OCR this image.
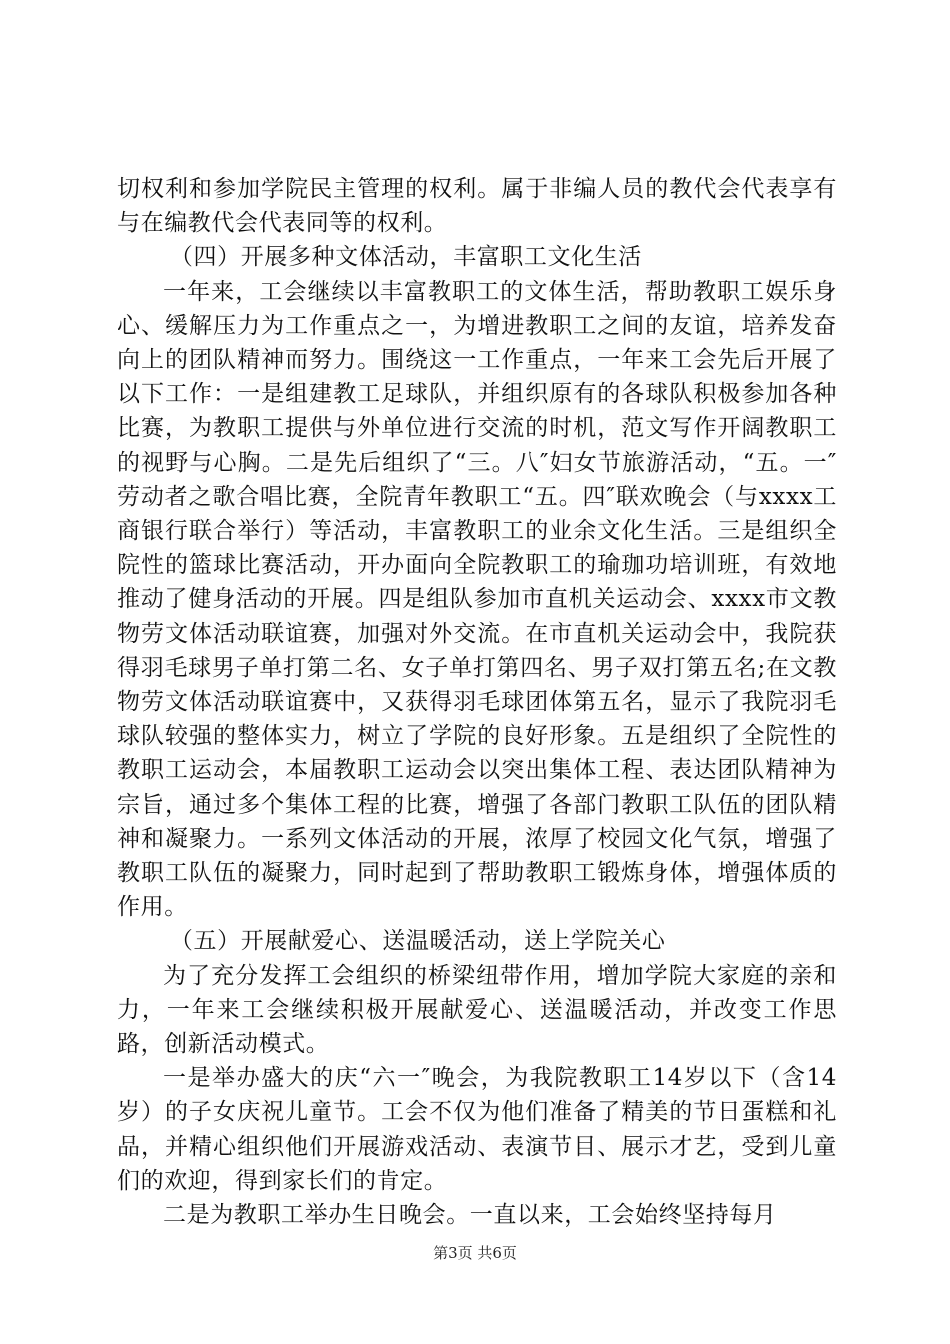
切权利和参加学院民主管理的权利。属于非编人员的教代会代表享有与在编教代会代表同等的权利。

（四）开展多种文体活动，丰富职工文化生活

一年来，工会继续以丰富教职工的文体生活，帮助教职工娱乐身心、缓解压力为工作重点之一，为增进教职工之间的友谊，培养发奋向上的团队精神而努力。围绕这一工作重点，一年来工会先后开展了以下工作：一是组建教工足球队，并组织原有的各球队积极参加各种比赛，为教职工提供与外单位进行交流的时机，范文写作开阔教职工的视野与心胸。二是先后组织了“三。八″妇女节旅游活动，“五。一″劳动者之歌合唱比赛，全院青年教职工“五。四″联欢晚会（与xxxx工商银行联合举行）等活动，丰富教职工的业余文化生活。三是组织全院性的篮球比赛活动，开办面向全院教职工的瑜珈功培训班，有效地推动了健身活动的开展。四是组队参加市直机关运动会、xxxx市文教物劳文体活动联谊赛，加强对外交流。在市直机关运动会中，我院获得羽毛球男子单打第二名、女子单打第四名、男子双打第五名;在文教物劳文体活动联谊赛中，又获得羽毛球团体第五名，显示了我院羽毛球队较强的整体实力，树立了学院的良好形象。五是组织了全院性的教职工运动会，本届教职工运动会以突出集体工程、表达团队精神为宗旨，通过多个集体工程的比赛，增强了各部门教职工队伍的团队精神和凝聚力。一系列文体活动的开展，浓厚了校园文化气氛，增强了教职工队伍的凝聚力，同时起到了帮助教职工锻炼身体，增强体质的作用。

（五）开展献爱心、送温暖活动，送上学院关心

为了充分发挥工会组织的桥梁纽带作用，增加学院大家庭的亲和力，一年来工会继续积极开展献爱心、送温暖活动，并改变工作思路，创新活动模式。

一是举办盛大的庆“六一″晚会，为我院教职工14岁以下（含14岁）的子女庆祝儿童节。工会不仅为他们准备了精美的节日蛋糕和礼品，并精心组织他们开展游戏活动、表演节目、展示才艺，受到儿童们的欢迎，得到家长们的肯定。

二是为教职工举办生日晚会。一直以来，工会始终坚持每月

第3页 共6页
